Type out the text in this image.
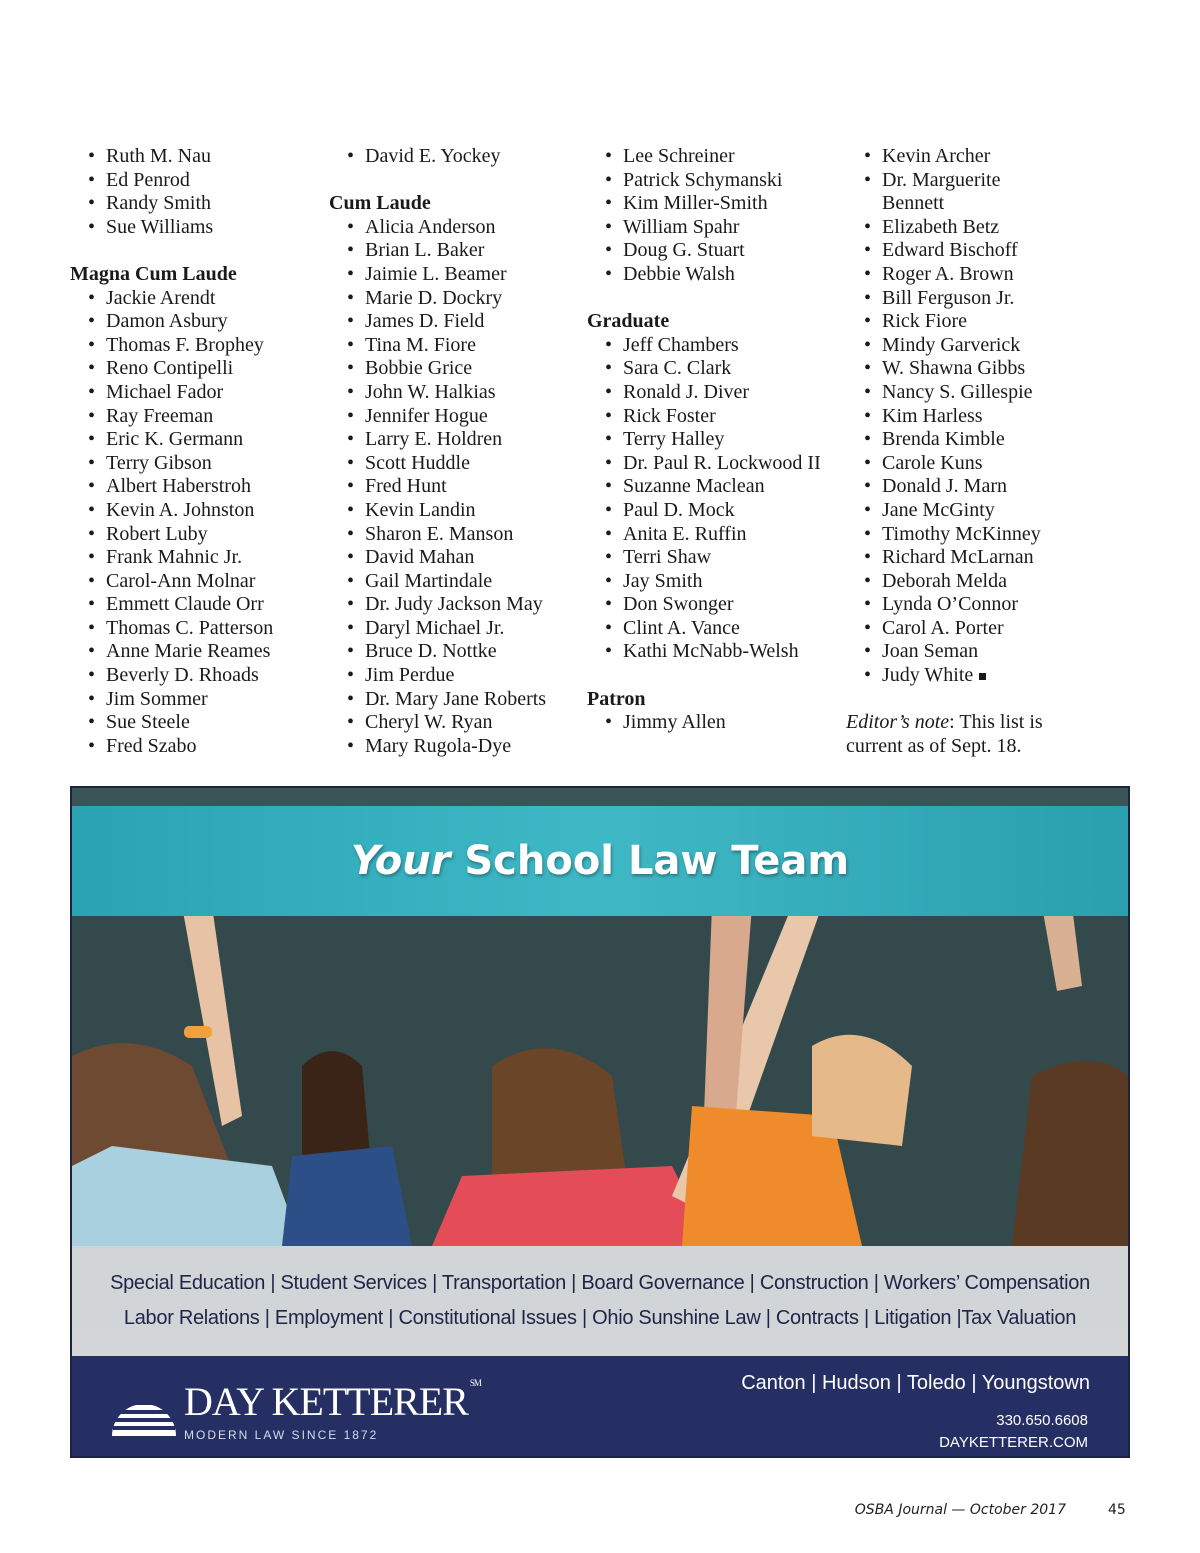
• Ruth M. Nau
• Ed Penrod
• Randy Smith
• Sue Williams
Magna Cum Laude
• Jackie Arendt
• Damon Asbury
• Thomas F. Brophey
• Reno Contipelli
• Michael Fador
• Ray Freeman
• Eric K. Germann
• Terry Gibson
• Albert Haberstroh
• Kevin A. Johnston
• Robert Luby
• Frank Mahnic Jr.
• Carol-Ann Molnar
• Emmett Claude Orr
• Thomas C. Patterson
• Anne Marie Reames
• Beverly D. Rhoads
• Jim Sommer
• Sue Steele
• Fred Szabo
• David E. Yockey
Cum Laude
• Alicia Anderson
• Brian L. Baker
• Jaimie L. Beamer
• Marie D. Dockry
• James D. Field
• Tina M. Fiore
• Bobbie Grice
• John W. Halkias
• Jennifer Hogue
• Larry E. Holdren
• Scott Huddle
• Fred Hunt
• Kevin Landin
• Sharon E. Manson
• David Mahan
• Gail Martindale
• Dr. Judy Jackson May
• Daryl Michael Jr.
• Bruce D. Nottke
• Jim Perdue
• Dr. Mary Jane Roberts
• Cheryl W. Ryan
• Mary Rugola-Dye
• Lee Schreiner
• Patrick Schymanski
• Kim Miller-Smith
• William Spahr
• Doug G. Stuart
• Debbie Walsh
Graduate
• Jeff Chambers
• Sara C. Clark
• Ronald J. Diver
• Rick Foster
• Terry Halley
• Dr. Paul R. Lockwood II
• Suzanne Maclean
• Paul D. Mock
• Anita E. Ruffin
• Terri Shaw
• Jay Smith
• Don Swonger
• Clint A. Vance
• Kathi McNabb-Welsh
Patron
• Jimmy Allen
• Kevin Archer
• Dr. Marguerite Bennett
• Elizabeth Betz
• Edward Bischoff
• Roger A. Brown
• Bill Ferguson Jr.
• Rick Fiore
• Mindy Garverick
• W. Shawna Gibbs
• Nancy S. Gillespie
• Kim Harless
• Brenda Kimble
• Carole Kuns
• Donald J. Marn
• Jane McGinty
• Timothy McKinney
• Richard McLarnan
• Deborah Melda
• Lynda O’Connor
• Carol A. Porter
• Joan Seman
• Judy White
Editor’s note: This list is current as of Sept. 18.
Your School Law Team
Special Education | Student Services | Transportation | Board Governance | Construction | Workers’ Compensation
Labor Relations | Employment | Constitutional Issues | Ohio Sunshine Law | Contracts | Litigation |Tax Valuation
DAY KETTERER ℠
MODERN LAW SINCE 1872
Canton | Hudson | Toledo | Youngstown
330.650.6608
DAYKETTERER.COM
OSBA Journal — October 2017	45
